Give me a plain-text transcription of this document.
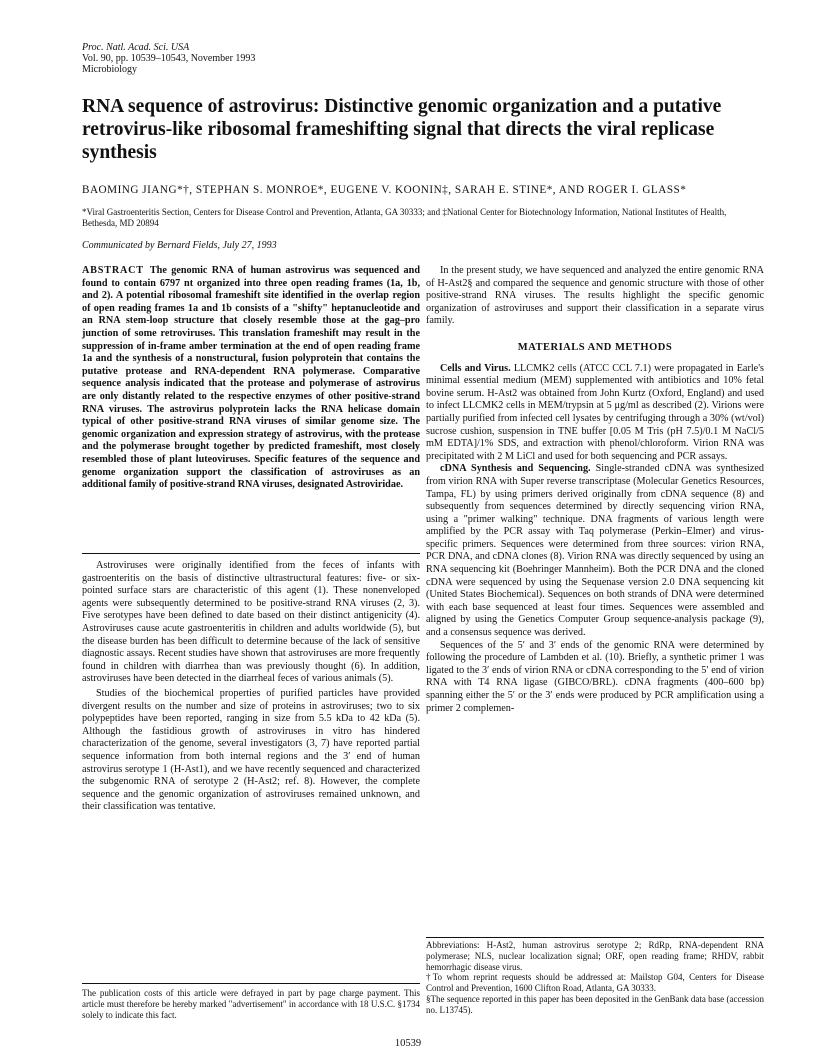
Proc. Natl. Acad. Sci. USA
Vol. 90, pp. 10539–10543, November 1993
Microbiology
RNA sequence of astrovirus: Distinctive genomic organization and a putative retrovirus-like ribosomal frameshifting signal that directs the viral replicase synthesis
BAOMING JIANG*†, STEPHAN S. MONROE*, EUGENE V. KOONIN‡, SARAH E. STINE*, AND ROGER I. GLASS*
*Viral Gastroenteritis Section, Centers for Disease Control and Prevention, Atlanta, GA 30333; and ‡National Center for Biotechnology Information, National Institutes of Health, Bethesda, MD 20894
Communicated by Bernard Fields, July 27, 1993
ABSTRACT The genomic RNA of human astrovirus was sequenced and found to contain 6797 nt organized into three open reading frames (1a, 1b, and 2). A potential ribosomal frameshift site identified in the overlap region of open reading frames 1a and 1b consists of a "shifty" heptanucleotide and an RNA stem-loop structure that closely resemble those at the gag–pro junction of some retroviruses. This translation frameshift may result in the suppression of in-frame amber termination at the end of open reading frame 1a and the synthesis of a nonstructural, fusion polyprotein that contains the putative protease and RNA-dependent RNA polymerase. Comparative sequence analysis indicated that the protease and polymerase of astrovirus are only distantly related to the respective enzymes of other positive-strand RNA viruses. The astrovirus polyprotein lacks the RNA helicase domain typical of other positive-strand RNA viruses of similar genome size. The genomic organization and expression strategy of astrovirus, with the protease and the polymerase brought together by predicted frameshift, most closely resembled those of plant luteoviruses. Specific features of the sequence and genome organization support the classification of astroviruses as an additional family of positive-strand RNA viruses, designated Astroviridae.

Astroviruses were originally identified from the feces of infants with gastroenteritis on the basis of distinctive ultrastructural features: five- or six-pointed surface stars are characteristic of this agent (1). These nonenveloped agents were subsequently determined to be positive-strand RNA viruses (2, 3). Five serotypes have been defined to date based on their distinct antigenicity (4). Astroviruses cause acute gastroenteritis in children and adults worldwide (5), but the disease burden has been difficult to determine because of the lack of sensitive diagnostic assays. Recent studies have shown that astroviruses are more frequently found in children with diarrhea than was previously thought (6). In addition, astroviruses have been detected in the diarrheal feces of various animals (5).

Studies of the biochemical properties of purified particles have provided divergent results on the number and size of proteins in astroviruses; two to six polypeptides have been reported, ranging in size from 5.5 kDa to 42 kDa (5). Although the fastidious growth of astroviruses in vitro has hindered characterization of the genome, several investigators (3, 7) have reported partial sequence information from both internal regions and the 3′ end of human astrovirus serotype 1 (H-Ast1), and we have recently sequenced and characterized the subgenomic RNA of serotype 2 (H-Ast2; ref. 8). However, the complete sequence and the genomic organization of astroviruses remained unknown, and their classification was tentative.

The publication costs of this article were defrayed in part by page charge payment. This article must therefore be hereby marked "advertisement" in accordance with 18 U.S.C. §1734 solely to indicate this fact.

In the present study, we have sequenced and analyzed the entire genomic RNA of H-Ast2§ and compared the sequence and genomic structure with those of other positive-strand RNA viruses. The results highlight the specific genomic organization of astroviruses and support their classification in a separate virus family.

MATERIALS AND METHODS

Cells and Virus. LLCMK2 cells (ATCC CCL 7.1) were propagated in Earle's minimal essential medium (MEM) supplemented with antibiotics and 10% fetal bovine serum. H-Ast2 was obtained from John Kurtz (Oxford, England) and used to infect LLCMK2 cells in MEM/trypsin at 5 μg/ml as described (2). Virions were partially purified from infected cell lysates by centrifuging through a 30% (wt/vol) sucrose cushion, suspension in TNE buffer [0.05 M Tris (pH 7.5)/0.1 M NaCl/5 mM EDTA]/1% SDS, and extraction with phenol/chloroform. Virion RNA was precipitated with 2 M LiCl and used for both sequencing and PCR assays.

cDNA Synthesis and Sequencing. Single-stranded cDNA was synthesized from virion RNA with Super reverse transcriptase (Molecular Genetics Resources, Tampa, FL) by using primers derived originally from cDNA sequence (8) and subsequently from sequences determined by directly sequencing virion RNA, using a "primer walking" technique. DNA fragments of various length were amplified by the PCR assay with Taq polymerase (Perkin–Elmer) and virus-specific primers. Sequences were determined from three sources: virion RNA, PCR DNA, and cDNA clones (8). Virion RNA was directly sequenced by using an RNA sequencing kit (Boehringer Mannheim). Both the PCR DNA and the cloned cDNA were sequenced by using the Sequenase version 2.0 DNA sequencing kit (United States Biochemical). Sequences on both strands of DNA were determined with each base sequenced at least four times. Sequences were assembled and aligned by using the Genetics Computer Group sequence-analysis package (9), and a consensus sequence was derived.

Sequences of the 5′ and 3′ ends of the genomic RNA were determined by following the procedure of Lambden et al. (10). Briefly, a synthetic primer 1 was ligated to the 3′ ends of virion RNA or cDNA corresponding to the 5′ end of virion RNA with T4 RNA ligase (GIBCO/BRL). cDNA fragments (400–600 bp) spanning either the 5′ or the 3′ ends were produced by PCR amplification using a primer 2 complemen-

Abbreviations: H-Ast2, human astrovirus serotype 2; RdRp, RNA-dependent RNA polymerase; NLS, nuclear localization signal; ORF, open reading frame; RHDV, rabbit hemorrhagic disease virus.

†To whom reprint requests should be addressed at: Mailstop G04, Centers for Disease Control and Prevention, 1600 Clifton Road, Atlanta, GA 30333.

§The sequence reported in this paper has been deposited in the GenBank data base (accession no. L13745).

10539
